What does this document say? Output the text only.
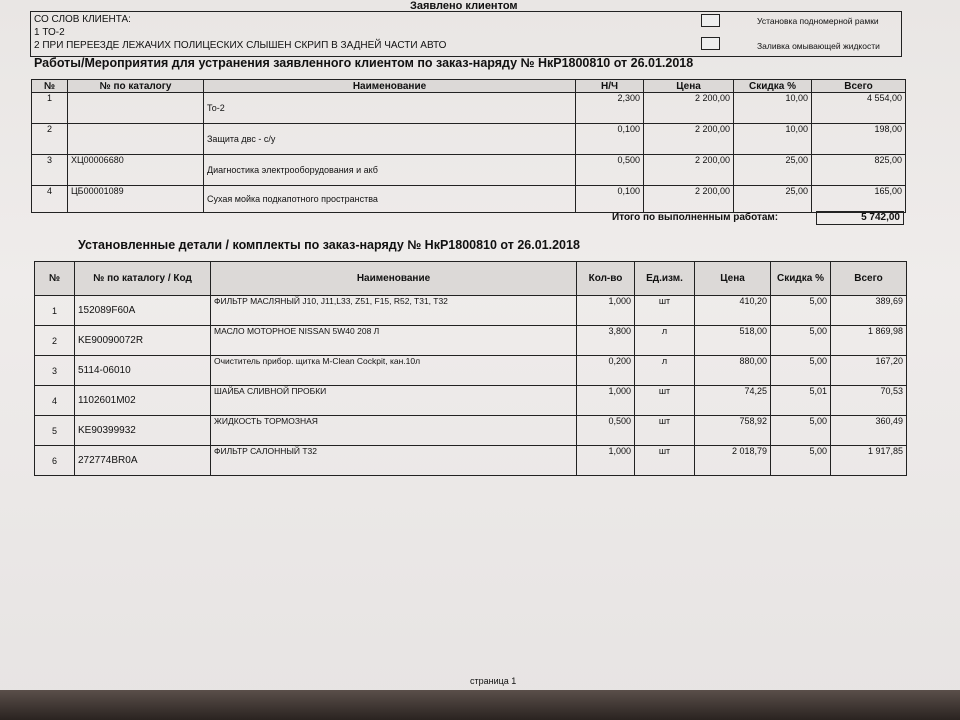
Заявлено клиентом
СО СЛОВ КЛИЕНТА:
1 ТО-2
2 ПРИ ПЕРЕЕЗДЕ ЛЕЖАЧИХ ПОЛИЦЕСКИХ СЛЫШЕН СКРИП В ЗАДНЕЙ ЧАСТИ АВТО
Установка подномерной рамки
Заливка омывающей жидкости
Работы/Мероприятия для устранения заявленного клиентом по заказ-наряду № НкР1800810 от 26.01.2018
№	№ по каталогу	Наименование	Н/Ч	Цена	Скидка %	Всего
1		То-2	2,300	2 200,00	10,00	4 554,00
2		Защита двс - с/у	0,100	2 200,00	10,00	198,00
3	ХЦ00006680	Диагностика электрооборудования и акб	0,500	2 200,00	25,00	825,00
4	ЦБ00001089	Сухая мойка подкапотного пространства	0,100	2 200,00	25,00	165,00
Итого по выполненным работам:	5 742,00
Установленные детали / комплекты по заказ-наряду № НкР1800810 от 26.01.2018
№	№ по каталогу / Код	Наименование	Кол-во	Ед.изм.	Цена	Скидка %	Всего
1	152089F60A	ФИЛЬТР МАСЛЯНЫЙ J10, J11,L33, Z51, F15, R52, T31, T32	1,000	шт	410,20	5,00	389,69
2	KE90090072R	МАСЛО МОТОРНОЕ NISSAN 5W40 208 Л	3,800	л	518,00	5,00	1 869,98
3	5114-06010	Очиститель прибор. щитка M-Clean Cockpit, кан.10л	0,200	л	880,00	5,00	167,20
4	1102601M02	ШАЙБА СЛИВНОЙ ПРОБКИ	1,000	шт	74,25	5,01	70,53
5	KE90399932	ЖИДКОСТЬ ТОРМОЗНАЯ	0,500	шт	758,92	5,00	360,49
6	272774BR0A	ФИЛЬТР САЛОННЫЙ Т32	1,000	шт	2 018,79	5,00	1 917,85
страница 1
